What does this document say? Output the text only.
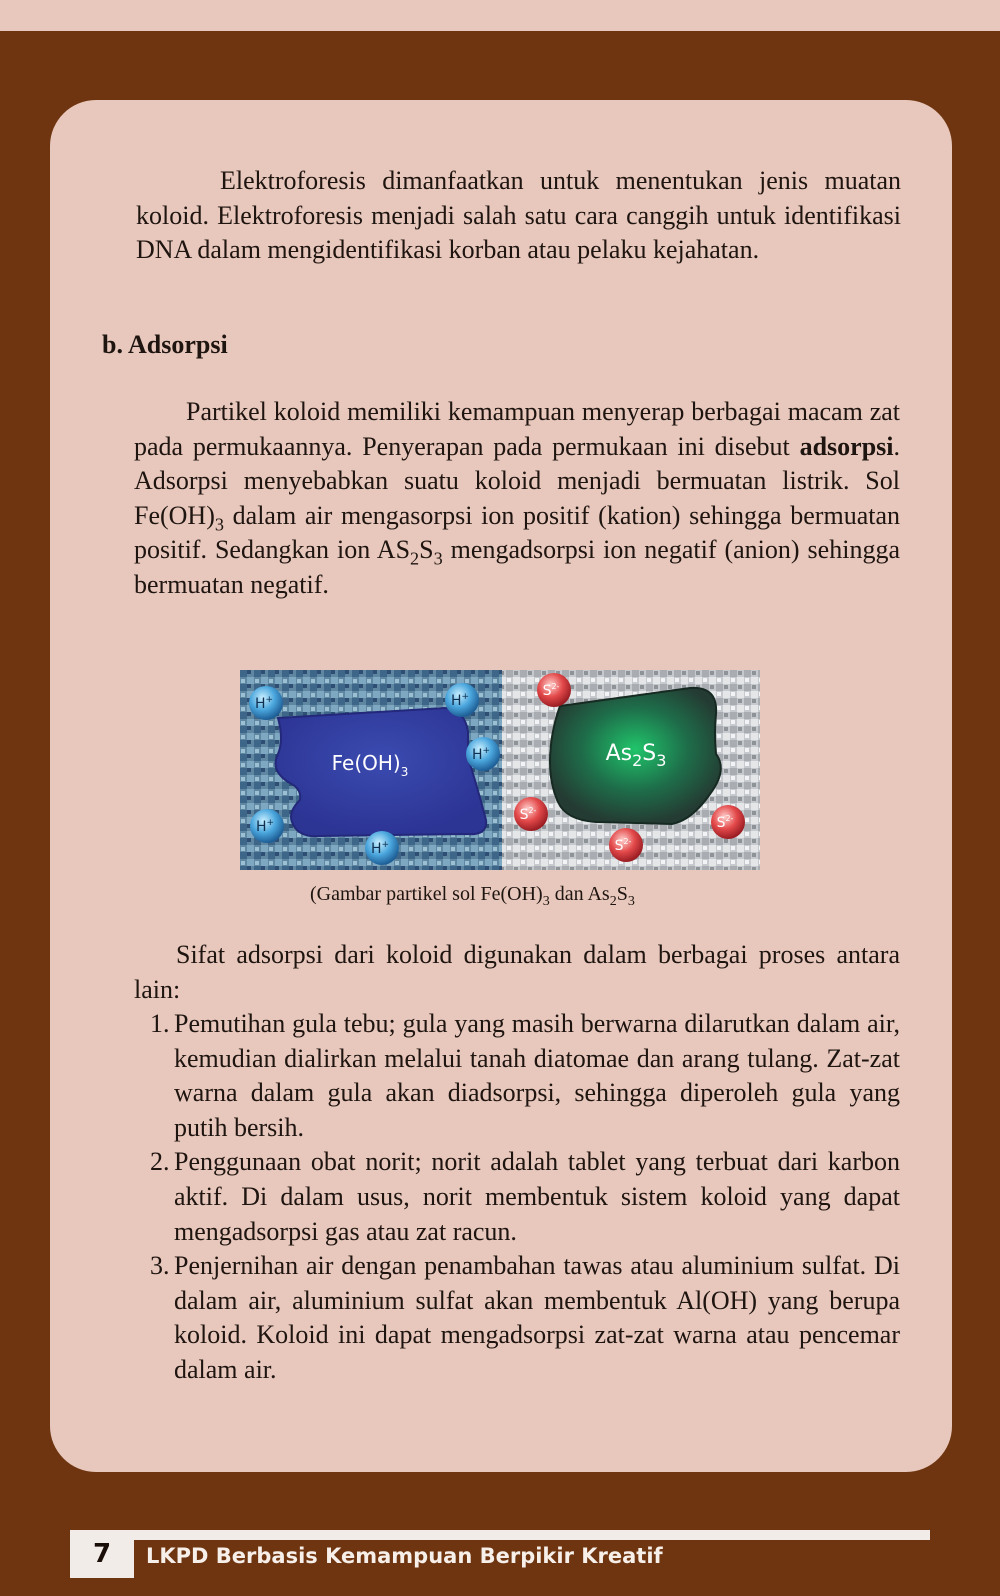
Elektroforesis dimanfaatkan untuk menentukan jenis muatan koloid. Elektroforesis menjadi salah satu cara canggih untuk identifikasi DNA dalam mengidentifikasi korban atau pelaku kejahatan.

b. Adsorpsi

Partikel koloid memiliki kemampuan menyerap berbagai macam zat pada permukaannya. Penyerapan pada permukaan ini disebut adsorpsi. Adsorpsi menyebabkan suatu koloid menjadi bermuatan listrik. Sol $Fe(OH)_3$ dalam air mengasorpsi ion positif (kation) sehingga bermuatan positif. Sedangkan ion $AS_2S_3$ mengadsorpsi ion negatif (anion) sehingga bermuatan negatif.

H+	H+
H+
H+
H+
$Fe(OH)_3$
$As_2S_3$
$S^{2-}$
$S^{2-}$
$S^{2-}$
$S^{2-}$

(Gambar partikel sol $Fe(OH)_3$ dan $As_2S_3$

Sifat adsorpsi dari koloid digunakan dalam berbagai proses antara lain:

1. Pemutihan gula tebu; gula yang masih berwarna dilarutkan dalam air, kemudian dialirkan melalui tanah diatomae dan arang tulang. Zat-zat warna dalam gula akan diadsorpsi, sehingga diperoleh gula yang putih bersih.
2. Penggunaan obat norit; norit adalah tablet yang terbuat dari karbon aktif. Di dalam usus, norit membentuk sistem koloid yang dapat mengadsorpsi gas atau zat racun.
3. Penjernihan air dengan penambahan tawas atau aluminium sulfat. Di dalam air, aluminium sulfat akan membentuk Al(OH) yang berupa koloid. Koloid ini dapat mengadsorpsi zat-zat warna atau pencemar dalam air.
7	LKPD Berbasis Kemampuan Berpikir Kreatif
